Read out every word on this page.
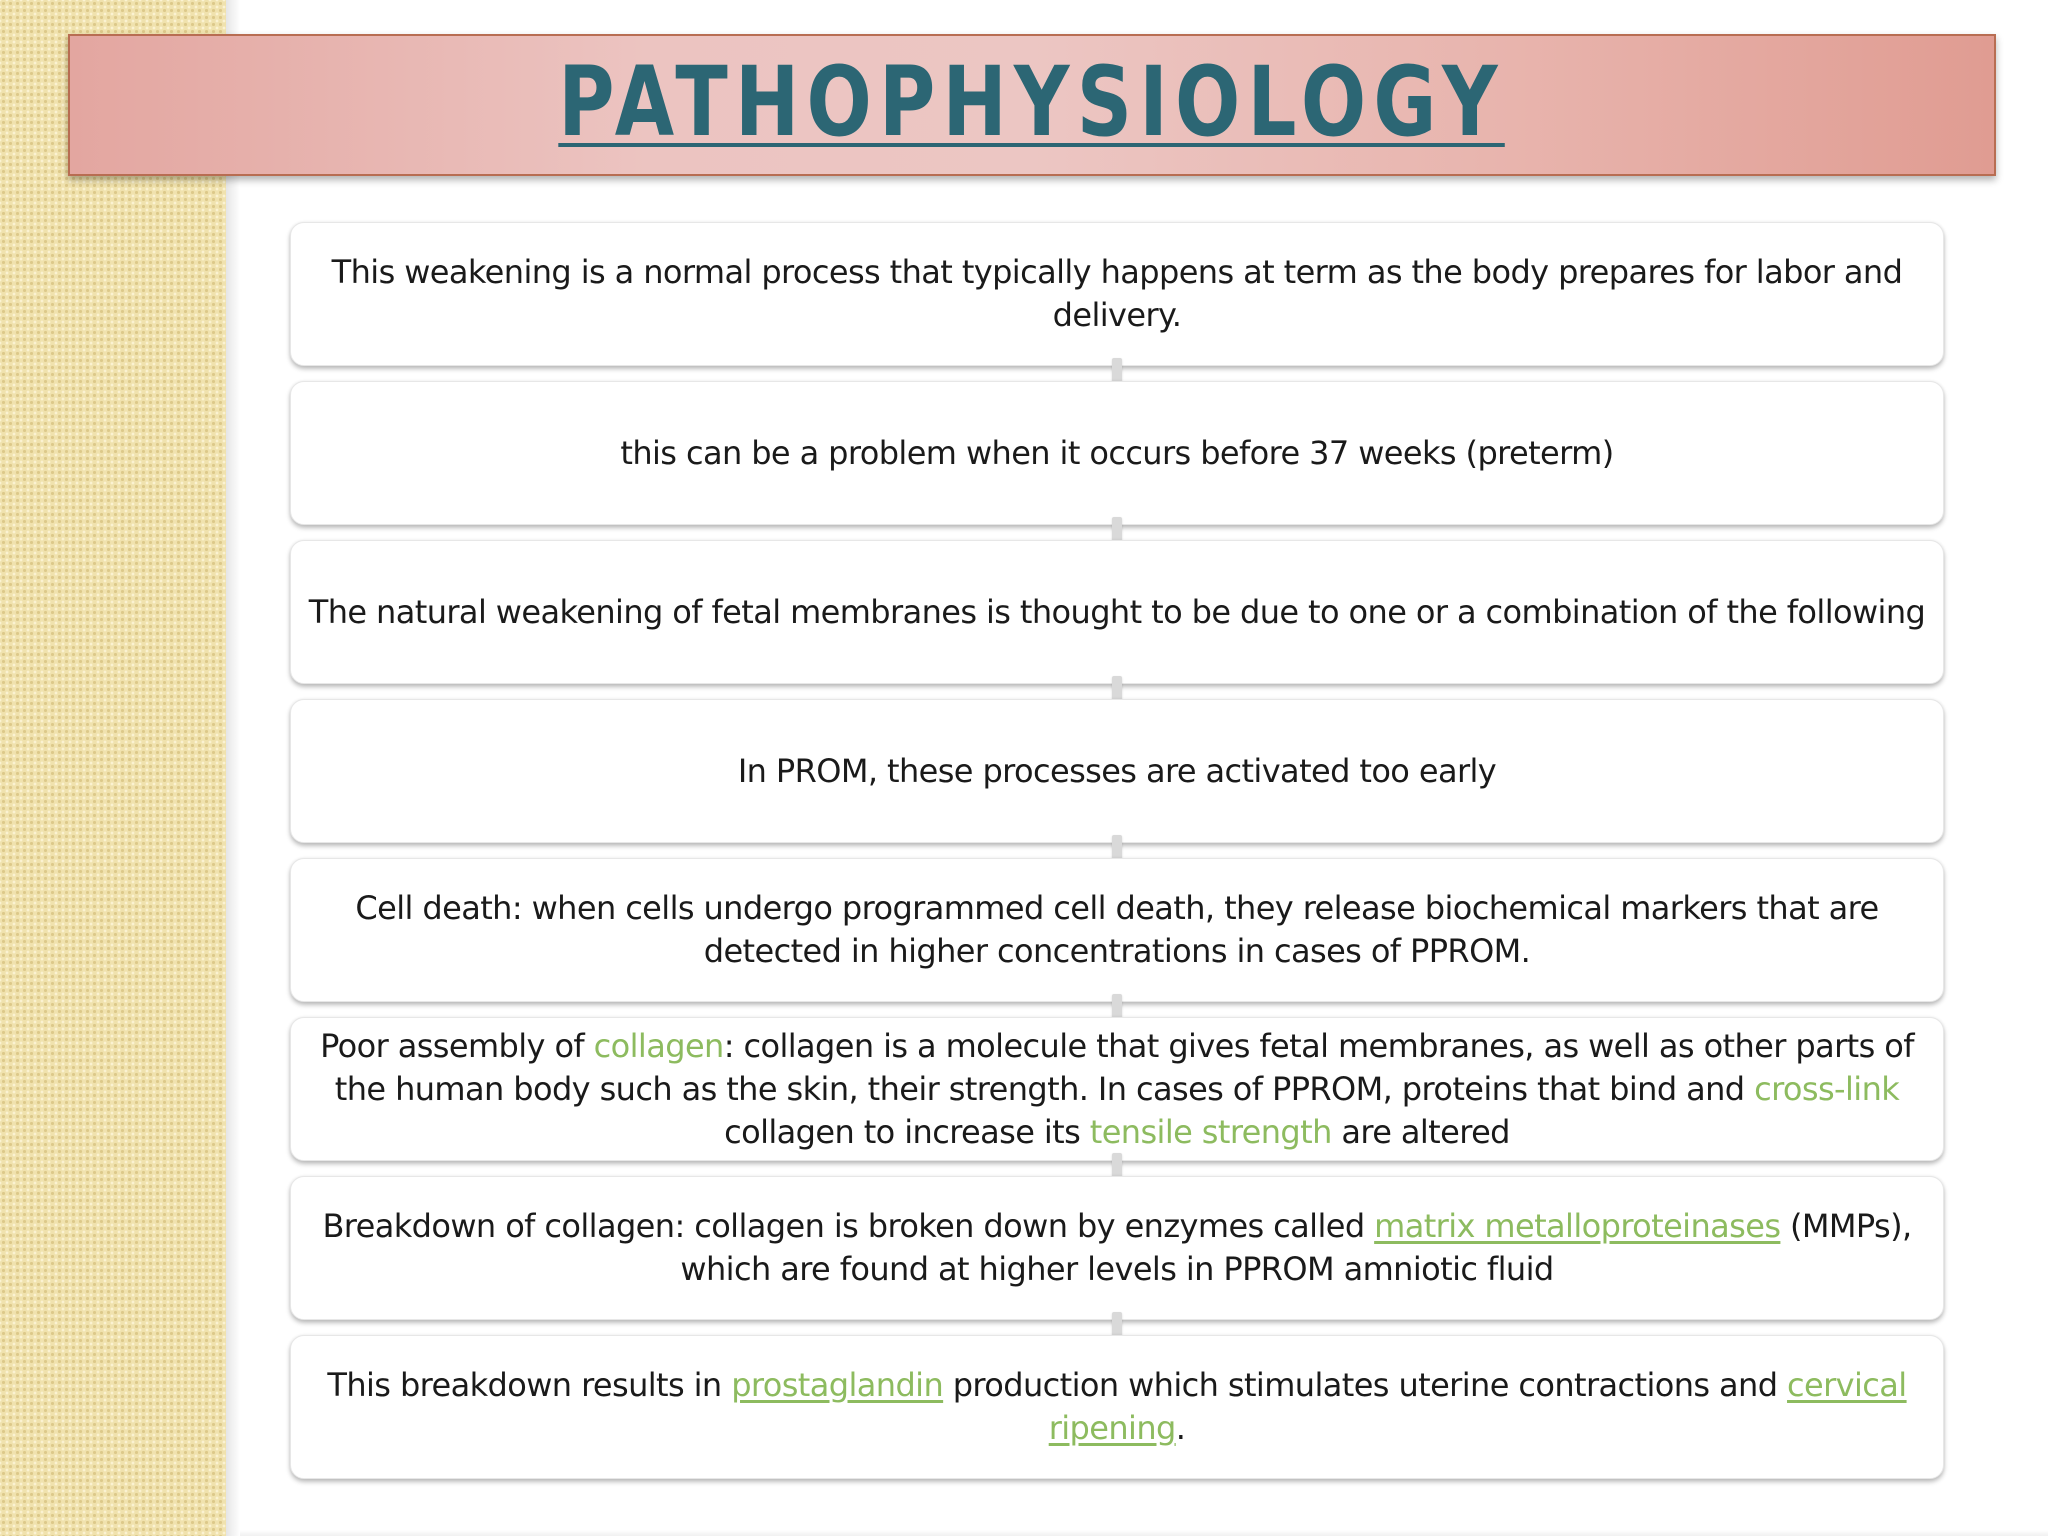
PATHOPHYSIOLOGY

This weakening is a normal process that typically happens at term as the body prepares for labor and delivery.

this can be a problem when it occurs before 37 weeks (preterm)

The natural weakening of fetal membranes is thought to be due to one or a combination of the following

In PROM, these processes are activated too early

Cell death: when cells undergo programmed cell death, they release biochemical markers that are detected in higher concentrations in cases of PPROM.

Poor assembly of collagen: collagen is a molecule that gives fetal membranes, as well as other parts of the human body such as the skin, their strength. In cases of PPROM, proteins that bind and cross-link collagen to increase its tensile strength are altered

Breakdown of collagen: collagen is broken down by enzymes called matrix metalloproteinases (MMPs), which are found at higher levels in PPROM amniotic fluid

This breakdown results in prostaglandin production which stimulates uterine contractions and cervical ripening.
